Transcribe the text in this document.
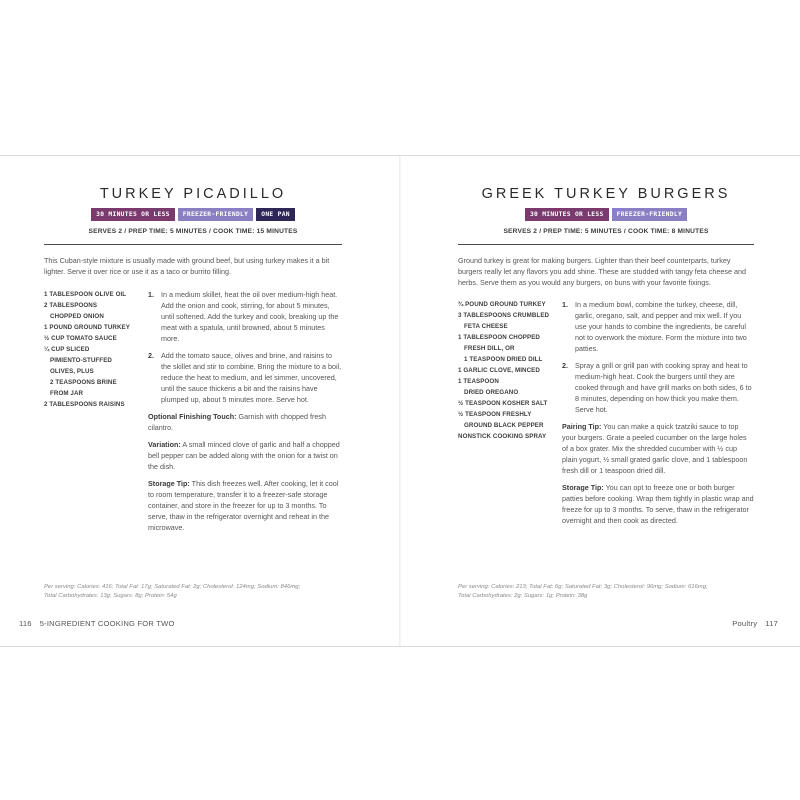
TURKEY PICADILLO
30 MINUTES OR LESS FREEZER-FRIENDLY ONE PAN
SERVES 2 / PREP TIME: 5 MINUTES / COOK TIME: 15 MINUTES

This Cuban-style mixture is usually made with ground beef, but using turkey makes it a bit lighter. Serve it over rice or use it as a taco or burrito filling.

1 TABLESPOON OLIVE OIL
2 TABLESPOONS
CHOPPED ONION
1 POUND GROUND TURKEY
½ CUP TOMATO SAUCE
¼ CUP SLICED
PIMIENTO-STUFFED
OLIVES, PLUS
2 TEASPOONS BRINE
FROM JAR
2 TABLESPOONS RAISINS
1. In a medium skillet, heat the oil over medium-high heat. Add the onion and cook, stirring, for about 5 minutes, until softened. Add the turkey and cook, breaking up the meat with a spatula, until browned, about 5 minutes more.
2. Add the tomato sauce, olives and brine, and raisins to the skillet and stir to combine. Bring the mixture to a boil, reduce the heat to medium, and let simmer, uncovered, until the sauce thickens a bit and the raisins have plumped up, about 5 minutes more. Serve hot.

Optional Finishing Touch: Garnish with chopped fresh cilantro.

Variation: A small minced clove of garlic and half a chopped bell pepper can be added along with the onion for a twist on the dish.

Storage Tip: This dish freezes well. After cooking, let it cool to room temperature, transfer it to a freezer-safe storage container, and store in the freezer for up to 3 months. To serve, thaw in the refrigerator overnight and reheat in the microwave.

Per serving: Calories: 416; Total Fat: 17g; Saturated Fat: 2g; Cholesterol: 124mg; Sodium: 846mg;
Total Carbohydrates: 13g; Sugars: 8g; Protein: 54g

116 5-INGREDIENT COOKING FOR TWO
GREEK TURKEY BURGERS
30 MINUTES OR LESS FREEZER-FRIENDLY
SERVES 2 / PREP TIME: 5 MINUTES / COOK TIME: 8 MINUTES

Ground turkey is great for making burgers. Lighter than their beef counterparts, turkey burgers really let any flavors you add shine. These are studded with tangy feta cheese and herbs. Serve them as you would any burgers, on buns with your favorite fixings.

¾ POUND GROUND TURKEY
3 TABLESPOONS CRUMBLED
FETA CHEESE
1 TABLESPOON CHOPPED
FRESH DILL, OR
1 TEASPOON DRIED DILL
1 GARLIC CLOVE, MINCED
1 TEASPOON
DRIED OREGANO
½ TEASPOON KOSHER SALT
½ TEASPOON FRESHLY
GROUND BLACK PEPPER
NONSTICK COOKING SPRAY
1. In a medium bowl, combine the turkey, cheese, dill, garlic, oregano, salt, and pepper and mix well. If you use your hands to combine the ingredients, be careful not to overwork the mixture. Form the mixture into two patties.
2. Spray a grill or grill pan with cooking spray and heat to medium-high heat. Cook the burgers until they are cooked through and have grill marks on both sides, 6 to 8 minutes, depending on how thick you make them. Serve hot.

Pairing Tip: You can make a quick tzatziki sauce to top your burgers. Grate a peeled cucumber on the large holes of a box grater. Mix the shredded cucumber with ½ cup plain yogurt, ½ small grated garlic clove, and 1 tablespoon fresh dill or 1 teaspoon dried dill.

Storage Tip: You can opt to freeze one or both burger patties before cooking. Wrap them tightly in plastic wrap and freeze for up to 3 months. To serve, thaw in the refrigerator overnight and then cook as directed.

Per serving: Calories: 213; Total Fat: 6g; Saturated Fat: 3g; Cholesterol: 96mg; Sodium: 616mg;
Total Carbohydrates: 2g; Sugars: 1g; Protein: 38g

Poultry 117
